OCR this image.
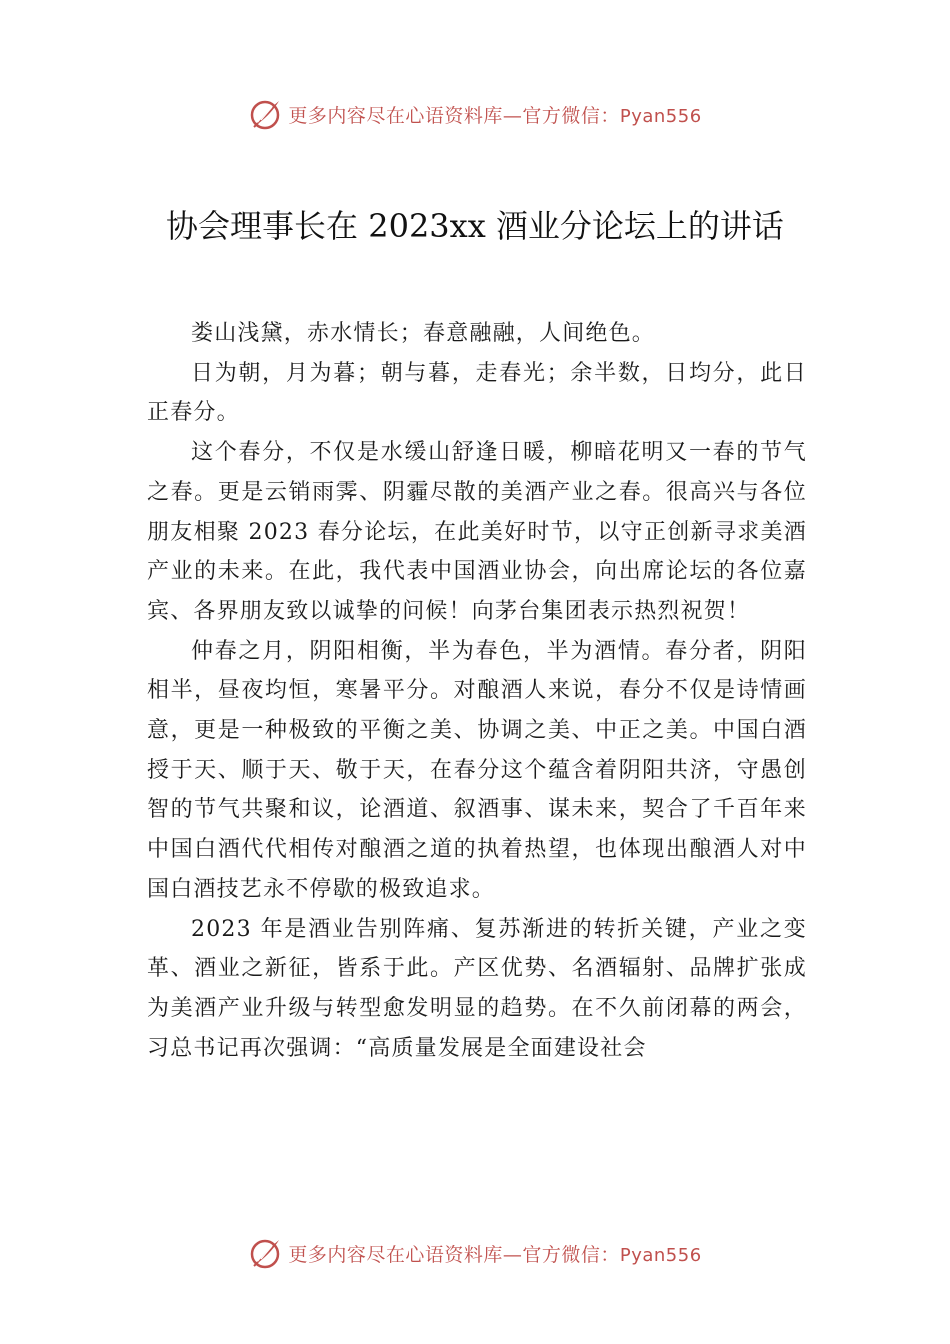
更多内容尽在心语资料库—官方微信：Pyan556
协会理事长在 2023xx 酒业分论坛上的讲话

娄山浅黛，赤水情长；春意融融，人间绝色。

日为朝，月为暮；朝与暮，走春光；余半数，日均分，此日正春分。

这个春分，不仅是水缓山舒逢日暖，柳暗花明又一春的节气之春。更是云销雨霁、阴霾尽散的美酒产业之春。很高兴与各位朋友相聚 2023 春分论坛，在此美好时节，以守正创新寻求美酒产业的未来。在此，我代表中国酒业协会，向出席论坛的各位嘉宾、各界朋友致以诚挚的问候！向茅台集团表示热烈祝贺！

仲春之月，阴阳相衡，半为春色，半为酒情。春分者，阴阳相半，昼夜均恒，寒暑平分。对酿酒人来说，春分不仅是诗情画意，更是一种极致的平衡之美、协调之美、中正之美。中国白酒授于天、顺于天、敬于天，在春分这个蕴含着阴阳共济，守愚创智的节气共聚和议，论酒道、叙酒事、谋未来，契合了千百年来中国白酒代代相传对酿酒之道的执着热望，也体现出酿酒人对中国白酒技艺永不停歇的极致追求。

2023 年是酒业告别阵痛、复苏渐进的转折关键，产业之变革、酒业之新征，皆系于此。产区优势、名酒辐射、品牌扩张成为美酒产业升级与转型愈发明显的趋势。在不久前闭幕的两会，习总书记再次强调：“高质量发展是全面建设社会

更多内容尽在心语资料库—官方微信：Pyan556
